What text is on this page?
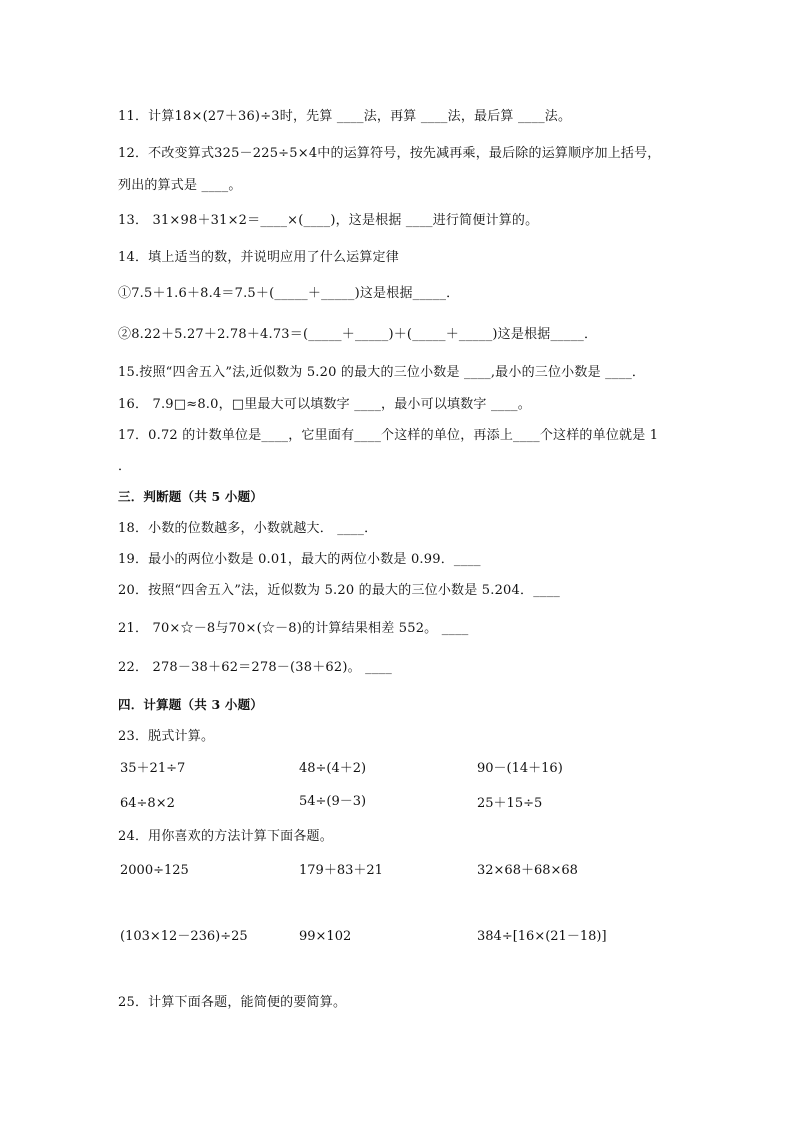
11．计算18×(27＋36)÷3时，先算 ____法，再算 ____法，最后算 ____法。
12．不改变算式325－225÷5×4中的运算符号，按先减再乘，最后除的运算顺序加上括号，
列出的算式是 ____。
13． 31×98＋31×2＝____×(____)，这是根据 ____进行简便计算的。
14．填上适当的数，并说明应用了什么运算定律
①7.5＋1.6＋8.4＝7.5＋(_____＋_____)这是根据_____．
②8.22＋5.27＋2.78＋4.73＝(_____＋_____)＋(_____＋_____)这是根据_____．
15.按照“四舍五入”法,近似数为 5.20 的最大的三位小数是 ____,最小的三位小数是 ____．
16． 7.9□≈8.0，□里最大可以填数字 ____，最小可以填数字 ____。
17．0.72 的计数单位是____，它里面有____个这样的单位，再添上____个这样的单位就是 1
．
三．判断题（共 5 小题）
18．小数的位数越多，小数就越大． ____．
19．最小的两位小数是 0.01，最大的两位小数是 0.99．____
20．按照“四舍五入”法，近似数为 5.20 的最大的三位小数是 5.204．____
21． 70×☆－8与70×(☆－8)的计算结果相差 552。 ____
22． 278－38＋62＝278－(38＋62)。 ____
四．计算题（共 3 小题）
23．脱式计算。
35＋21÷7	48÷(4＋2)	90－(14＋16)
64÷8×2	54÷(9－3)	25＋15÷5
24．用你喜欢的方法计算下面各题。
2000÷125	179＋83＋21	32×68＋68×68
(103×12－236)÷25	99×102	384÷[16×(21－18)]
25．计算下面各题，能简便的要简算。
